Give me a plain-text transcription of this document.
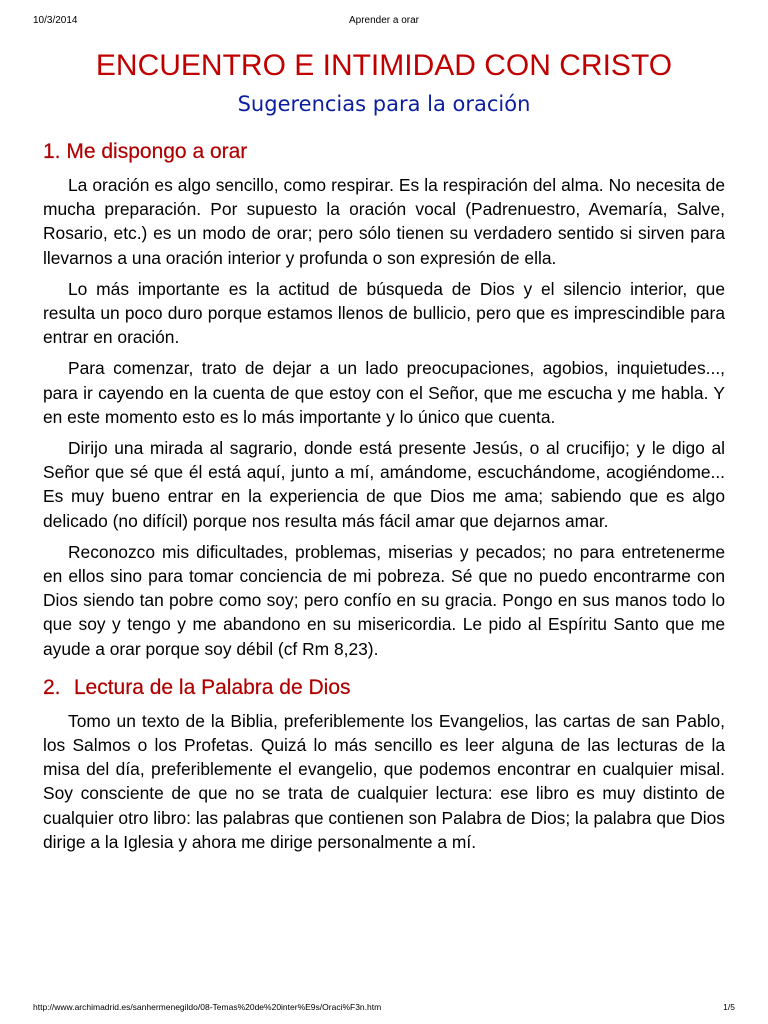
10/3/2014	Aprender a orar
ENCUENTRO E INTIMIDAD CON CRISTO
Sugerencias para la oración
1. Me dispongo a orar

La oración es algo sencillo, como respirar. Es la respiración del alma. No necesita de mucha preparación. Por supuesto la oración vocal (Padrenuestro, Avemaría, Salve, Rosario, etc.) es un modo de orar; pero sólo tienen su verdadero sentido si sirven para llevarnos a una oración interior y profunda o son expresión de ella.

Lo más importante es la actitud de búsqueda de Dios y el silencio interior, que resulta un poco duro porque estamos llenos de bullicio, pero que es imprescindible para entrar en oración.

Para comenzar, trato de dejar a un lado preocupaciones, agobios, inquietudes..., para ir cayendo en la cuenta de que estoy con el Señor, que me escucha y me habla. Y en este momento esto es lo más importante y lo único que cuenta.

Dirijo una mirada al sagrario, donde está presente Jesús, o al crucifijo; y le digo al Señor que sé que él está aquí, junto a mí, amándome, escuchándome, acogiéndome... Es muy bueno entrar en la experiencia de que Dios me ama; sabiendo que es algo delicado (no difícil) porque nos resulta más fácil amar que dejarnos amar.

Reconozco mis dificultades, problemas, miserias y pecados; no para entretenerme en ellos sino para tomar conciencia de mi pobreza. Sé que no puedo encontrarme con Dios siendo tan pobre como soy; pero confío en su gracia. Pongo en sus manos todo lo que soy y tengo y me abandono en su misericordia. Le pido al Espíritu Santo que me ayude a orar porque soy débil (cf Rm 8,23).

2. Lectura de la Palabra de Dios

Tomo un texto de la Biblia, preferiblemente los Evangelios, las cartas de san Pablo, los Salmos o los Profetas. Quizá lo más sencillo es leer alguna de las lecturas de la misa del día, preferiblemente el evangelio, que podemos encontrar en cualquier misal. Soy consciente de que no se trata de cualquier lectura: ese libro es muy distinto de cualquier otro libro: las palabras que contienen son Palabra de Dios; la palabra que Dios dirige a la Iglesia y ahora me dirige personalmente a mí.

http://www.archimadrid.es/sanhermenegildo/08-Temas%20de%20inter%E9s/Oraci%F3n.htm	1/5
